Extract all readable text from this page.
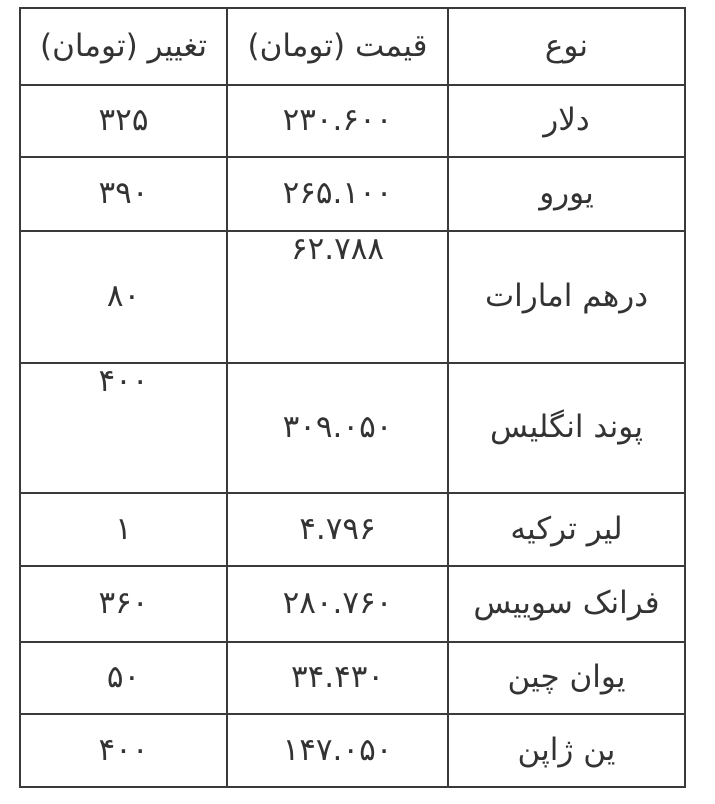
تغییر (تومان)	قیمت (تومان)	نوع
۳۲۵	۲۳۰.۶۰۰	دلار
۳۹۰	۲۶۵.۱۰۰	یورو
۸۰	۶۲.۷۸۸	درهم امارات
۴۰۰	۳۰۹.۰۵۰	پوند انگلیس
۱	۴.۷۹۶	لیر ترکیه
۳۶۰	۲۸۰.۷۶۰	فرانک سوییس
۵۰	۳۴.۴۳۰	یوان چین
۴۰۰	۱۴۷.۰۵۰	ین ژاپن
